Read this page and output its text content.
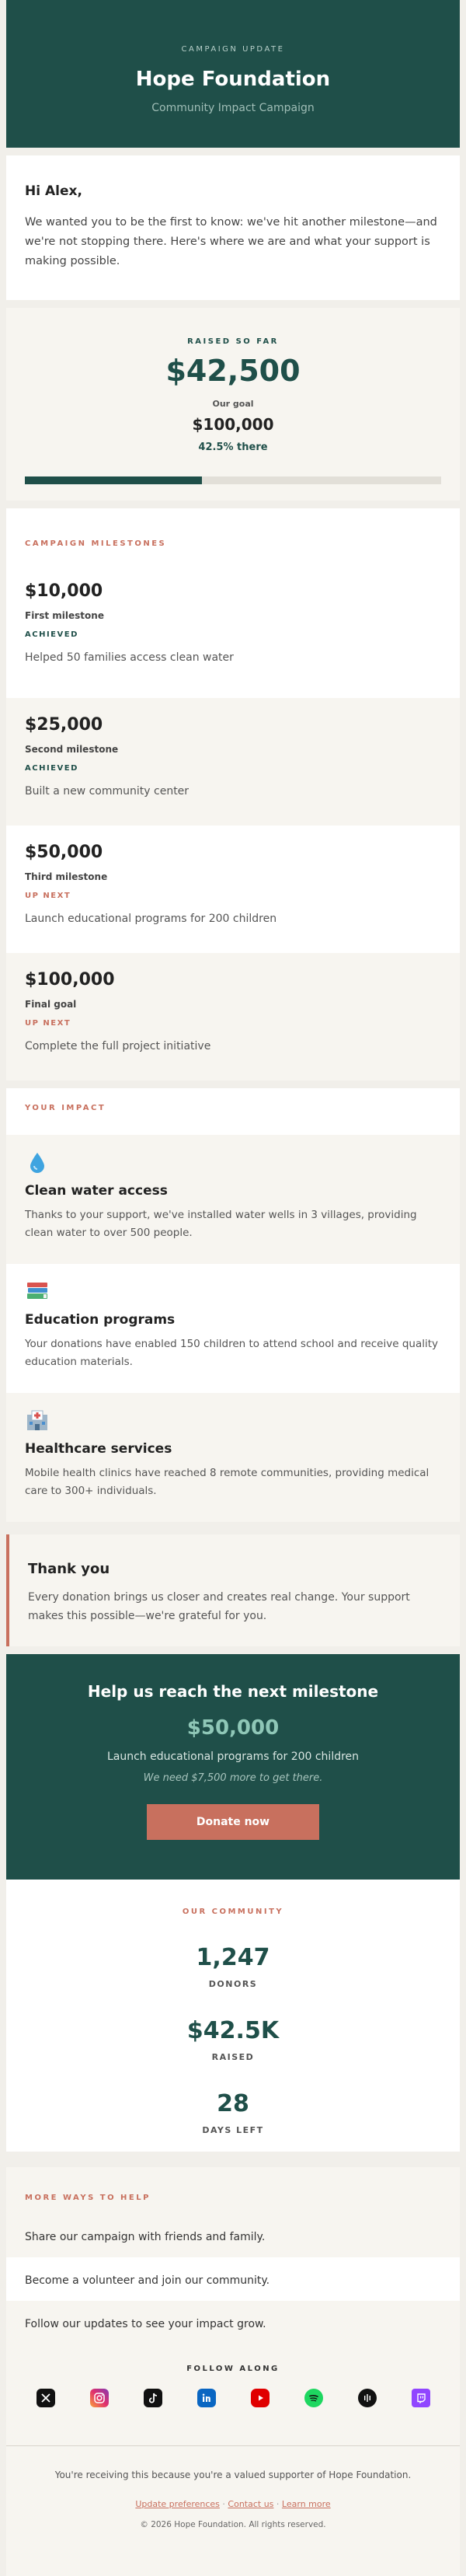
CAMPAIGN UPDATE
Hope Foundation
Community Impact Campaign
Hi Alex,
We wanted you to be the first to know: we've hit another milestone—and we're not stopping there. Here's where we are and what your support is making possible.
RAISED SO FAR
$42,500
Our goal
$100,000
42.5% there
CAMPAIGN MILESTONES
$10,000
First milestone
ACHIEVED
Helped 50 families access clean water
$25,000
Second milestone
ACHIEVED
Built a new community center
$50,000
Third milestone
UP NEXT
Launch educational programs for 200 children
$100,000
Final goal
UP NEXT
Complete the full project initiative
YOUR IMPACT
Clean water access
Thanks to your support, we've installed water wells in 3 villages, providing clean water to over 500 people.
Education programs
Your donations have enabled 150 children to attend school and receive quality education materials.
Healthcare services
Mobile health clinics have reached 8 remote communities, providing medical care to 300+ individuals.
Thank you
Every donation brings us closer and creates real change. Your support makes this possible—we're grateful for you.
Help us reach the next milestone
$50,000
Launch educational programs for 200 children
We need $7,500 more to get there.
Donate now
OUR COMMUNITY
1,247
DONORS
$42.5K
RAISED
28
DAYS LEFT
MORE WAYS TO HELP
Share our campaign with friends and family.
Become a volunteer and join our community.
Follow our updates to see your impact grow.
FOLLOW ALONG
You're receiving this because you're a valued supporter of Hope Foundation.
Update preferences · Contact us · Learn more
© 2026 Hope Foundation. All rights reserved.
